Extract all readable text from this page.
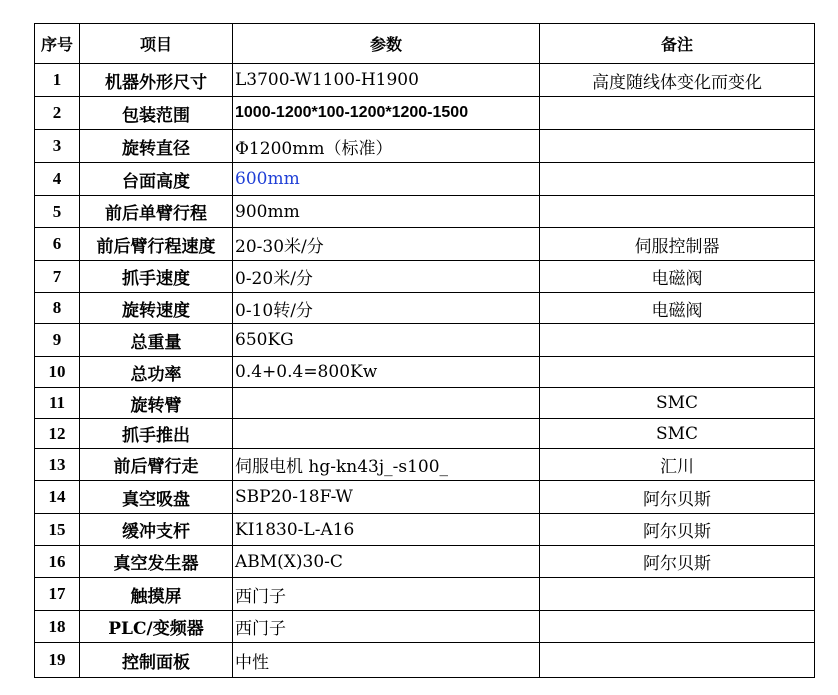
序号	项目	参数	备注
1	机器外形尺寸	L3700-W1100-H1900	高度随线体变化而变化
2	包装范围	1000-1200*100-1200*1200-1500	
3	旋转直径	Φ1200mm（标准）	
4	台面高度	600mm	
5	前后单臂行程	900mm	
6	前后臂行程速度	20-30米/分	伺服控制器
7	抓手速度	0-20米/分	电磁阀
8	旋转速度	0-10转/分	电磁阀
9	总重量	650KG	
10	总功率	0.4+0.4=800Kw	
11	旋转臂		SMC
12	抓手推出		SMC
13	前后臂行走	伺服电机 hg-kn43j_-s100_	汇川
14	真空吸盘	SBP20-18F-W	阿尔贝斯
15	缓冲支杆	KI1830-L-A16	阿尔贝斯
16	真空发生器	ABM(X)30-C	阿尔贝斯
17	触摸屏	西门子	
18	PLC/变频器	西门子	
19	控制面板	中性	
